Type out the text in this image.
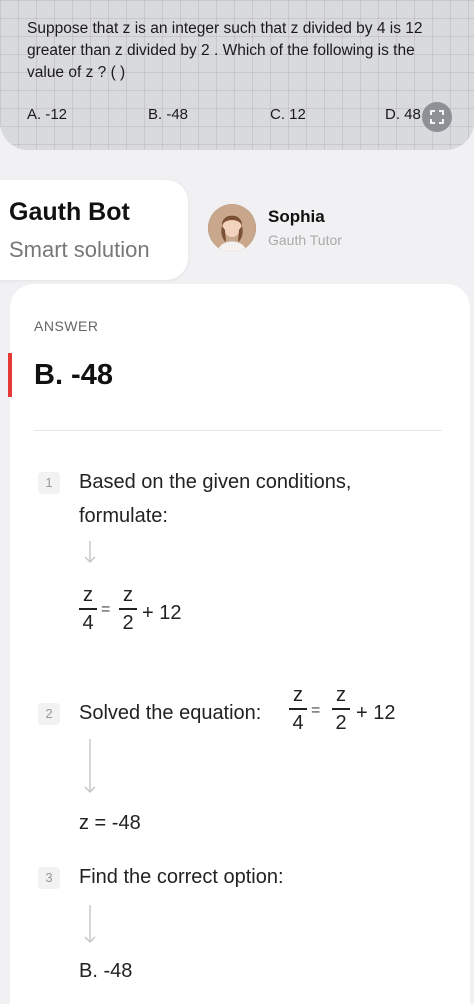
Suppose that z is an integer such that z divided by 4 is 12 greater than z divided by 2 . Which of the following is the value of z ? ( )
A. -12	B. -48	C. 12	D. 48
Gauth Bot
Smart solution
Sophia
Gauth Tutor
ANSWER
B. -48
1	Based on the given conditions, formulate:
z
4
=
z
2 + 12
2	Solved the equation:
z
4
=
z
2 + 12
z = -48
3	Find the correct option:
B. -48
